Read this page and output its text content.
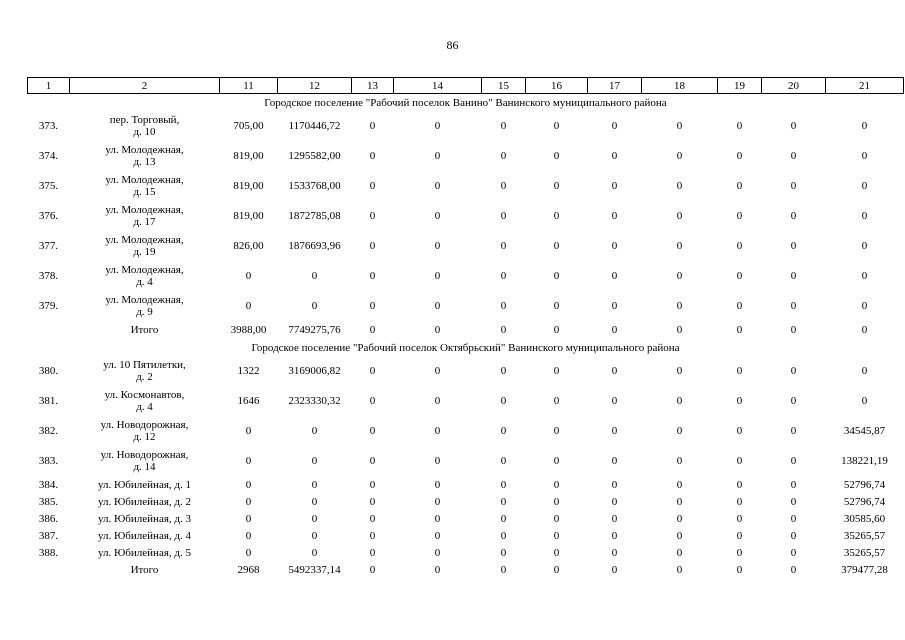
86
1	2	11	12	13	14	15	16	17	18	19	20	21
Городское поселение "Рабочий поселок Ванино" Ванинского муниципального района												
373.	пер. Торговый,
д. 10	705,00	1170446,72	0	0	0	0	0	0	0	0	0
374.	ул. Молодежная,
д. 13	819,00	1295582,00	0	0	0	0	0	0	0	0	0
375.	ул. Молодежная,
д. 15	819,00	1533768,00	0	0	0	0	0	0	0	0	0
376.	ул. Молодежная,
д. 17	819,00	1872785,08	0	0	0	0	0	0	0	0	0
377.	ул. Молодежная,
д. 19	826,00	1876693,96	0	0	0	0	0	0	0	0	0
378.	ул. Молодежная,
д. 4	0	0	0	0	0	0	0	0	0	0	0
379.	ул. Молодежная,
д. 9	0	0	0	0	0	0	0	0	0	0	0
	Итого	3988,00	7749275,76	0	0	0	0	0	0	0	0	0
Городское поселение "Рабочий поселок Октябрьский" Ванинского муниципального района												
380.	ул. 10 Пятилетки,
д. 2	1322	3169006,82	0	0	0	0	0	0	0	0	0
381.	ул. Космонавтов,
д. 4	1646	2323330,32	0	0	0	0	0	0	0	0	0
382.	ул. Новодорожная,
д. 12	0	0	0	0	0	0	0	0	0	0	34545,87
383.	ул. Новодорожная,
д. 14	0	0	0	0	0	0	0	0	0	0	138221,19
384.	ул. Юбилейная, д. 1	0	0	0	0	0	0	0	0	0	0	52796,74
385.	ул. Юбилейная, д. 2	0	0	0	0	0	0	0	0	0	0	52796,74
386.	ул. Юбилейная, д. 3	0	0	0	0	0	0	0	0	0	0	30585,60
387.	ул. Юбилейная, д. 4	0	0	0	0	0	0	0	0	0	0	35265,57
388.	ул. Юбилейная, д. 5	0	0	0	0	0	0	0	0	0	0	35265,57
	Итого	2968	5492337,14	0	0	0	0	0	0	0	0	379477,28
